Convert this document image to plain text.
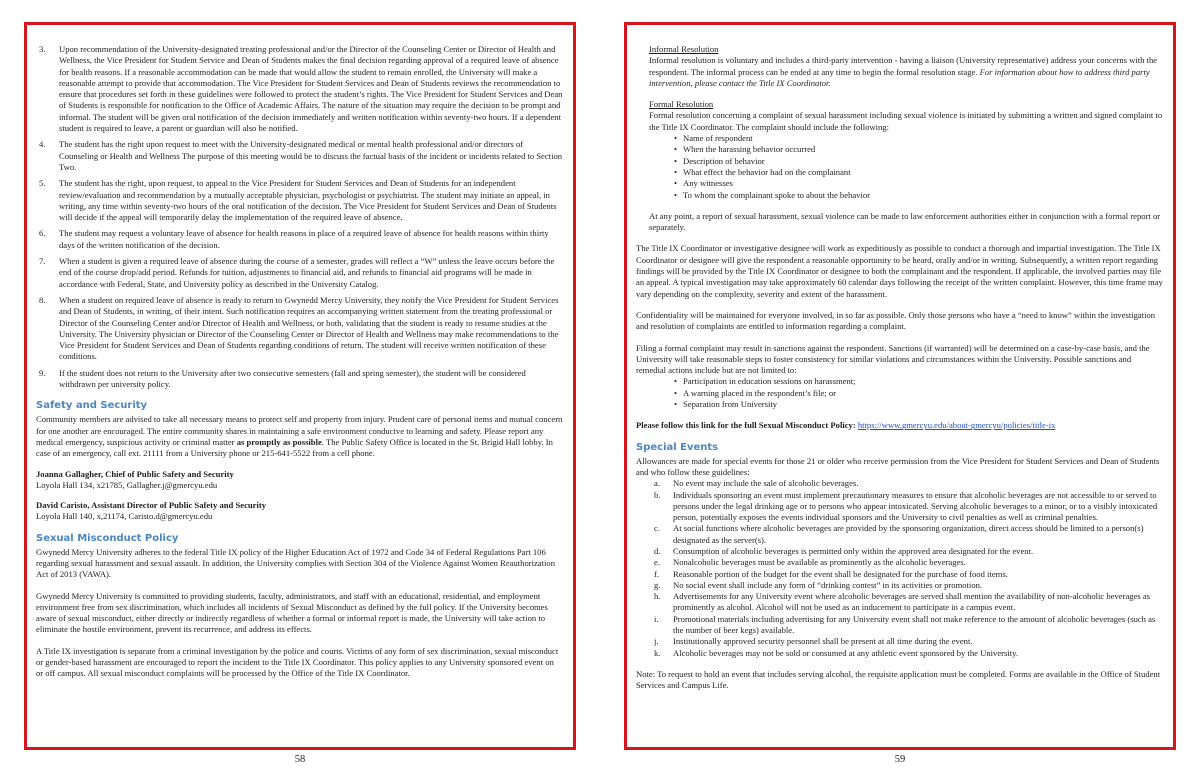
3.	Upon recommendation of the University-designated treating professional and/or the Director of the Counseling Center or Director of Health and Wellness, the Vice President for Student Service and Dean of Students makes the final decision regarding approval of a required leave of absence for health reasons. If a reasonable accommodation can be made that would allow the student to remain enrolled, the University will make a reasonable attempt to provide that accommodation. The Vice President for Student Services and Dean of Students reviews the recommendation to ensure that procedures set forth in these guidelines were followed to protect the student’s rights. The Vice President for Student Services and Dean of Students is responsible for notification to the Office of Academic Affairs. The nature of the situation may require the decision to be prompt and informal. The student will be given oral notification of the decision immediately and written notification within seventy-two hours. If a dependent student is required to leave, a parent or guardian will also be notified.
4.	The student has the right upon request to meet with the University-designated medical or mental health professional and/or directors of Counseling or Health and Wellness The purpose of this meeting would be to discuss the factual basis of the incident or incidents related to Section Two.
5.	The student has the right, upon request, to appeal to the Vice President for Student Services and Dean of Students for an independent review/evaluation and recommendation by a mutually acceptable physician, psychologist or psychiatrist. The student may initiate an appeal, in writing, any time within seventy-two hours of the oral notification of the decision. The Vice President for Student Services and Dean of Students will decide if the appeal will temporarily delay the implementation of the required leave of absence.
6.	The student may request a voluntary leave of absence for health reasons in place of a required leave of absence for health reasons within thirty days of the written notification of the decision.
7.	When a student is given a required leave of absence during the course of a semester, grades will reflect a “W” unless the leave occurs before the end of the course drop/add period. Refunds for tuition, adjustments to financial aid, and refunds to financial aid programs will be made in accordance with Federal, State, and University policy as described in the University Catalog.
8.	When a student on required leave of absence is ready to return to Gwynedd Mercy University, they notify the Vice President for Student Services and Dean of Students, in writing, of their intent. Such notification requires an accompanying written statement from the treating professional or Director of the Counseling Center and/or Director of Health and Wellness, or both, validating that the student is ready to resume studies at the University. The University physician or Director of the Counseling Center or Director of Health and Wellness may make recommendations to the Vice President for Student Services and Dean of Students regarding conditions of return. The student will receive written notification of these conditions.
9.	If the student does not return to the University after two consecutive semesters (fall and spring semester), the student will be considered withdrawn per university policy.
Safety and Security

Community members are advised to take all necessary means to protect self and property from injury. Prudent care of personal items and mutual concern for one another are encouraged. The entire community shares in maintaining a safe environment conducive to learning and safety. Please report any medical emergency, suspicious activity or criminal matter as promptly as possible. The Public Safety Office is located in the St. Brigid Hall lobby. In case of an emergency, call ext. 21111 from a University phone or 215-641-5522 from a cell phone.

Joanna Gallagher, Chief of Public Safety and Security

Loyola Hall 134, x21785, Gallagher.j@gmercyu.edu

David Caristo, Assistant Director of Public Safety and Security

Loyola Hall 140, x,21174, Caristo.d@gmercyu.edu

Sexual Misconduct Policy

Gwynedd Mercy University adheres to the federal Title IX policy of the Higher Education Act of 1972 and Code 34 of Federal Regulations Part 106 regarding sexual harassment and sexual assault. In addition, the University complies with Section 304 of the Violence Against Women Reauthorization Act of 2013 (VAWA).

Gwynedd Mercy University is committed to providing students, faculty, administrators, and staff with an educational, residential, and employment environment free from sex discrimination, which includes all incidents of Sexual Misconduct as defined by the full policy. If the University becomes aware of sexual misconduct, either directly or indirectly regardless of whether a formal or informal report is made, the University will take action to eliminate the hostile environment, prevent its recurrence, and address its effects.

A Title IX investigation is separate from a criminal investigation by the police and courts. Victims of any form of sex discrimination, sexual misconduct or gender-based harassment are encouraged to report the incident to the Title IX Coordinator. This policy applies to any University sponsored event on or off campus. All sexual misconduct complaints will be processed by the Office of the Title IX Coordinator.

58

Informal Resolution

Informal resolution is voluntary and includes a third-party intervention - having a liaison (University representative) address your concerns with the respondent. The informal process can be ended at any time to begin the formal resolution stage. For information about how to address third party intervention, please contact the Title IX Coordinator.

Formal Resolution

Formal resolution concerning a complaint of sexual harassment including sexual violence is initiated by submitting a written and signed complaint to the Title IX Coordinator. The complaint should include the following:

• Name of respondent
• When the harassing behavior occurred
• Description of behavior
• What effect the behavior had on the complainant
• Any witnesses
• To whom the complainant spoke to about the behavior

At any point, a report of sexual harassment, sexual violence can be made to law enforcement authorities either in conjunction with a formal report or separately.

The Title IX Coordinator or investigative designee will work as expeditiously as possible to conduct a thorough and impartial investigation. The Title IX Coordinator or designee will give the respondent a reasonable opportunity to be heard, orally and/or in writing. Subsequently, a written report regarding findings will be provided by the Title IX Coordinator or designee to both the complainant and the respondent. If applicable, the involved parties may file an appeal. A typical investigation may take approximately 60 calendar days following the receipt of the written complaint. However, this time frame may vary depending on the complexity, severity and extent of the harassment.

Confidentiality will be maintained for everyone involved, in so far as possible. Only those persons who have a “need to know” within the investigation and resolution of complaints are entitled to information regarding a complaint.

Filing a formal complaint may result in sanctions against the respondent. Sanctions (if warranted) will be determined on a case-by-case basis, and the University will take reasonable steps to foster consistency for similar violations and circumstances within the University. Possible sanctions and remedial actions include but are not limited to:

• Participation in education sessions on harassment;
• A warning placed in the respondent’s file; or
• Separation from University

Please follow this link for the full Sexual Misconduct Policy: https://www.gmercyu.edu/about-gmercyu/policies/title-ix

Special Events

Allowances are made for special events for those 21 or older who receive permission from the Vice President for Student Services and Dean of Students and who follow these guidelines:

a.	No event may include the sale of alcoholic beverages.
b.	Individuals sponsoring an event must implement precautionary measures to ensure that alcoholic beverages are not accessible to or served to persons under the legal drinking age or to persons who appear intoxicated. Serving alcoholic beverages to a minor, or to a visibly intoxicated person, potentially exposes the events individual sponsors and the University to civil penalties as well as criminal penalties.
c.	At social functions where alcoholic beverages are provided by the sponsoring organization, direct access should be limited to a person(s) designated as the server(s).
d.	Consumption of alcoholic beverages is permitted only within the approved area designated for the event.
e.	Nonalcoholic beverages must be available as prominently as the alcoholic beverages.
f.	Reasonable portion of the budget for the event shall be designated for the purchase of food items.
g.	No social event shall include any form of “drinking contest” in its activities or promotion.
h.	Advertisements for any University event where alcoholic beverages are served shall mention the availability of non-alcoholic beverages as prominently as alcohol. Alcohol will not be used as an inducement to participate in a campus event.
i.	Promotional materials including advertising for any University event shall not make reference to the amount of alcoholic beverages (such as the number of beer kegs) available.
j.	Institutionally approved security personnel shall be present at all time during the event.
k.	Alcoholic beverages may not be sold or consumed at any athletic event sponsored by the University.

Note: To request to hold an event that includes serving alcohol, the requisite application must be completed. Forms are available in the Office of Student Services and Campus Life.

59
